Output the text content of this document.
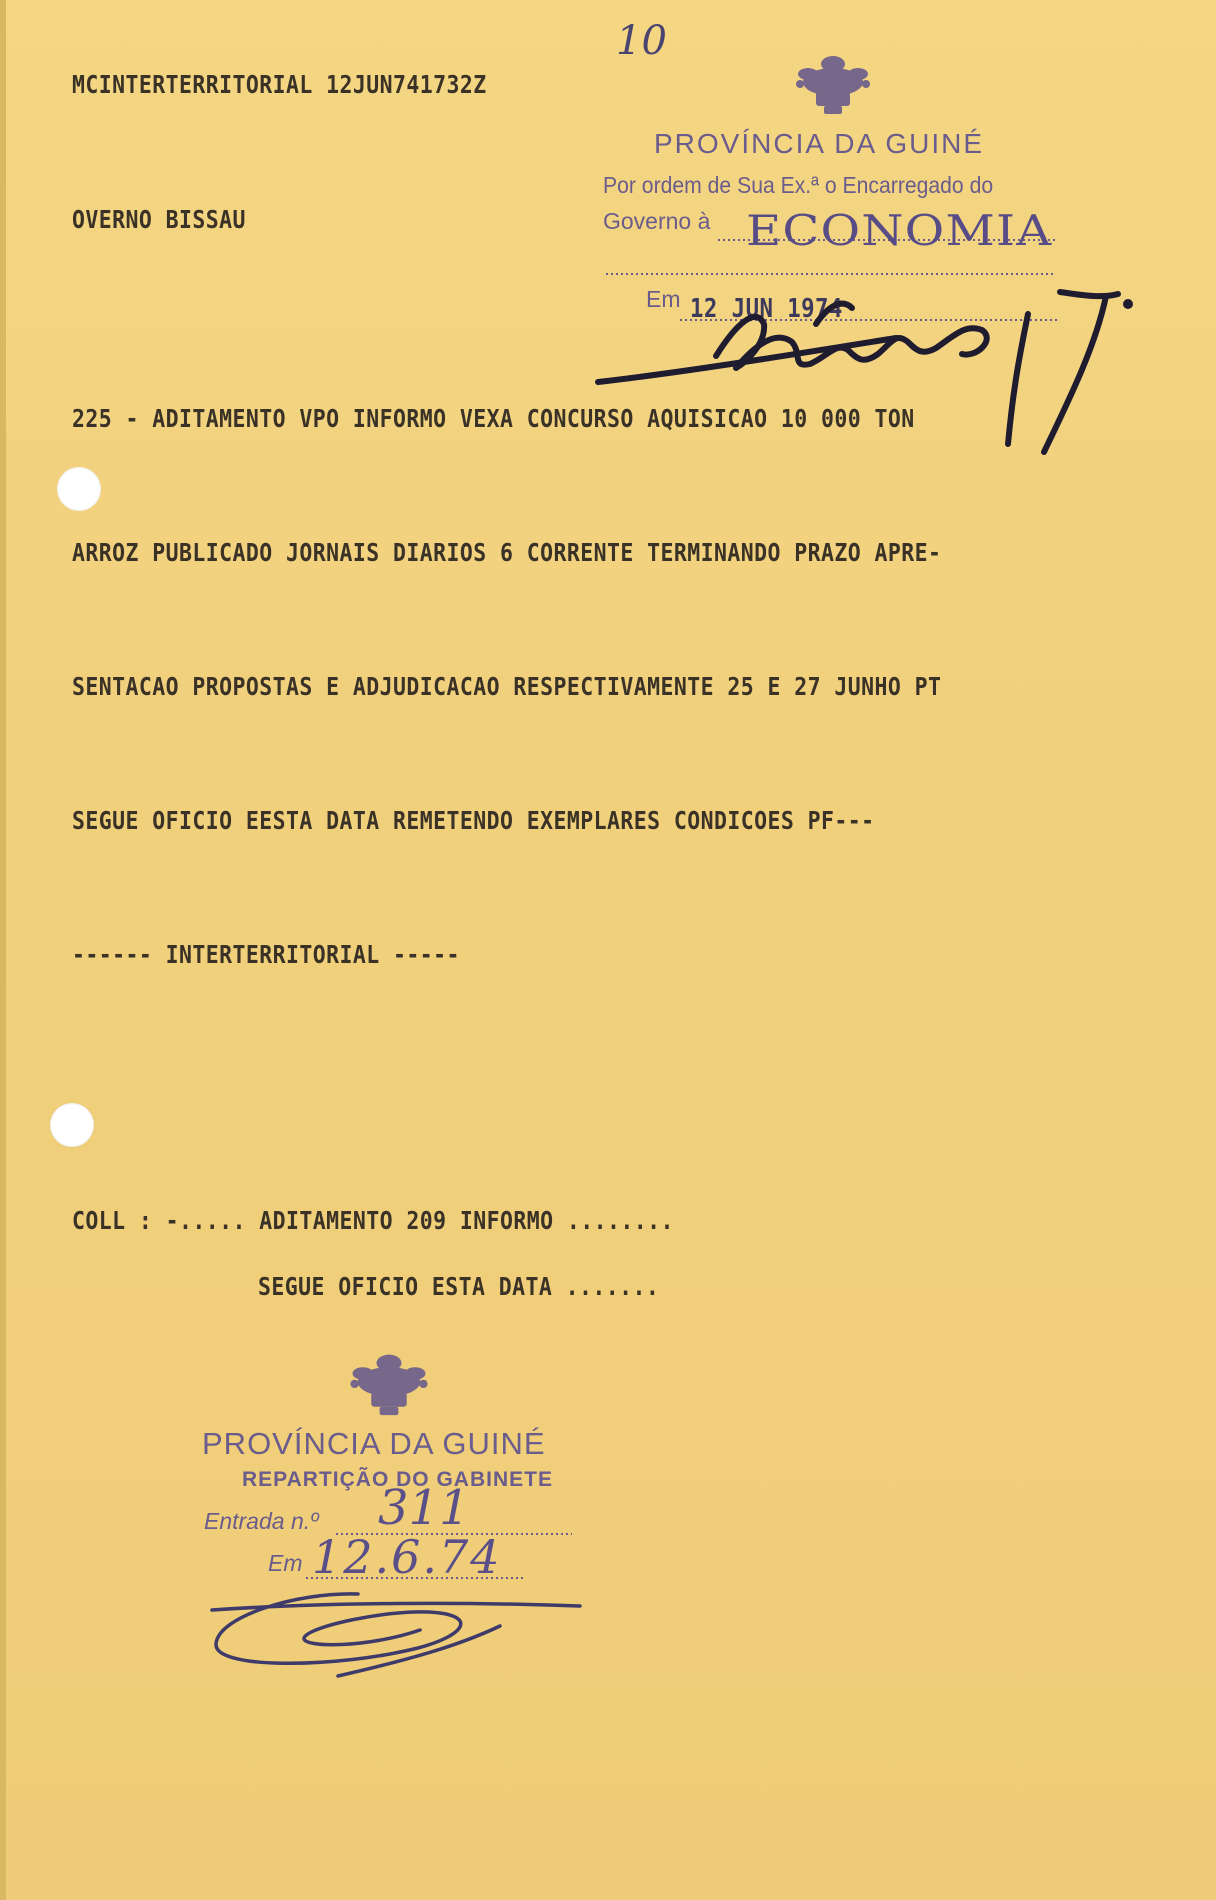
10
MCINTERTERRITORIAL 12JUN741732Z
OVERNO BISSAU
PROVÍNCIA DA GUINÉ
Por ordem de Sua Ex.ª o Encarregado do
Governo à ECONOMIA
Em 12 JUN 1974
225 - ADITAMENTO VPO INFORMO VEXA CONCURSO AQUISICAO 10 000 TON
ARROZ PUBLICADO JORNAIS DIARIOS 6 CORRENTE TERMINANDO PRAZO APRE-
SENTACAO PROPOSTAS E ADJUDICACAO RESPECTIVAMENTE 25 E 27 JUNHO PT
SEGUE OFICIO EESTA DATA REMETENDO EXEMPLARES CONDICOES PF---
------ INTERTERRITORIAL -----
COLL : -..... ADITAMENTO 209 INFORMO ........
SEGUE OFICIO ESTA DATA .......
PROVÍNCIA DA GUINÉ
REPARTIÇÃO DO GABINETE
Entrada n.º 311
Em 12.6.74
